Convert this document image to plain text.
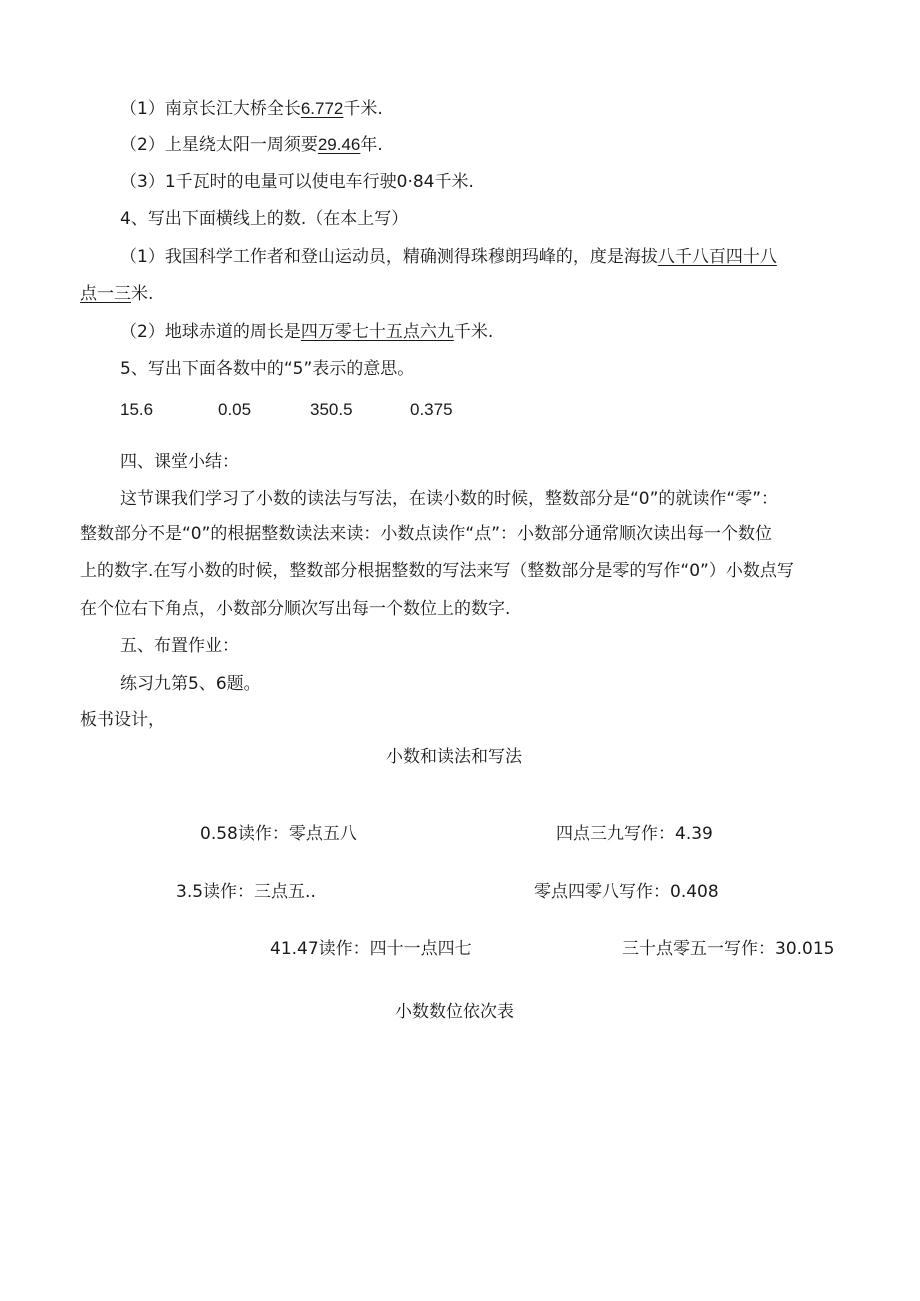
（1）南京长江大桥全长6.772千米.
（2）上星绕太阳一周须要29.46年.
（3）1千瓦时的电量可以使电车行驶0·84千米.
4、写出下面横线上的数.（在本上写）
（1）我国科学工作者和登山运动员，精确测得珠穆朗玛峰的，度是海拔八千八百四十八
点一三米.
（2）地球赤道的周长是四万零七十五点六九千米.
5、写出下面各数中的“5”表示的意思。
15.6	0.05	350.5	0.375
四、课堂小结：
这节课我们学习了小数的读法与写法，在读小数的时候，整数部分是“0”的就读作“零”：
整数部分不是“0”的根据整数读法来读：小数点读作“点”：小数部分通常顺次读出每一个数位
上的数字.在写小数的时候，整数部分根据整数的写法来写（整数部分是零的写作“0”）小数点写
在个位右下角点，小数部分顺次写出每一个数位上的数字.
五、布置作业：
练习九第5、6题。
板书设计，
小数和读法和写法
0.58读作：零点五八	四点三九写作：4.39
3.5读作：三点五..	零点四零八写作：0.408
41.47读作：四十一点四七	三十点零五一写作：30.015
小数数位依次表
